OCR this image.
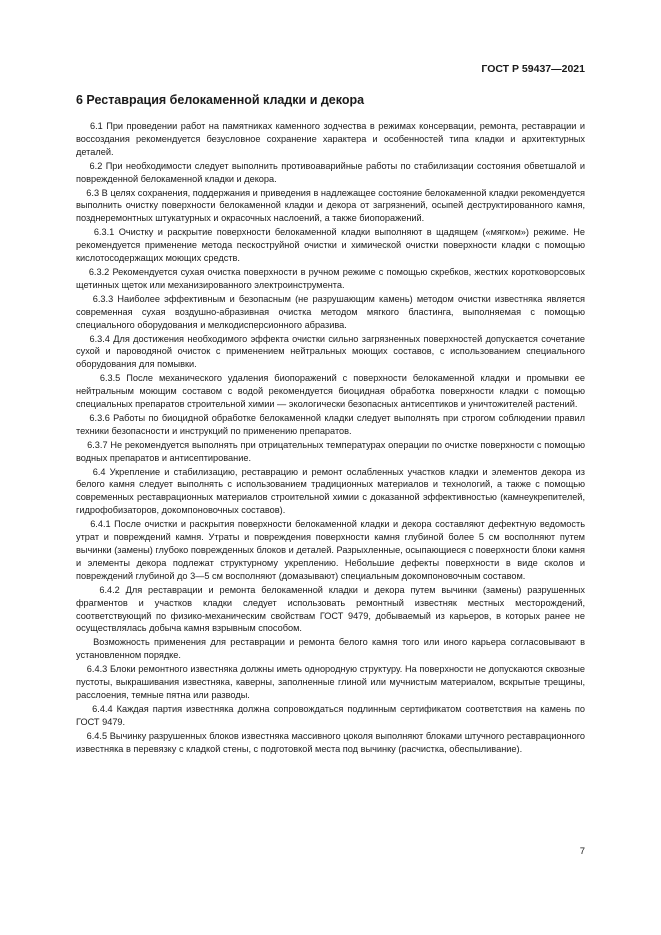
ГОСТ Р 59437—2021
6 Реставрация белокаменной кладки и декора

6.1 При проведении работ на памятниках каменного зодчества в режимах консервации, ремонта, реставрации и воссоздания рекомендуется безусловное сохранение характера и особенностей типа кладки и архитектурных деталей.

6.2 При необходимости следует выполнить противоаварийные работы по стабилизации состояния обветшалой и поврежденной белокаменной кладки и декора.

6.3 В целях сохранения, поддержания и приведения в надлежащее состояние белокаменной кладки рекомендуется выполнить очистку поверхности белокаменной кладки и декора от загрязнений, осыпей деструктированного камня, позднеремонтных штукатурных и окрасочных наслоений, а также биопоражений.

6.3.1 Очистку и раскрытие поверхности белокаменной кладки выполняют в щадящем («мягком») режиме. Не рекомендуется применение метода пескоструйной очистки и химической очистки поверхности кладки с помощью кислотосодержащих моющих средств.

6.3.2 Рекомендуется сухая очистка поверхности в ручном режиме с помощью скребков, жестких коротковорсовых щетинных щеток или механизированного электроинструмента.

6.3.3 Наиболее эффективным и безопасным (не разрушающим камень) методом очистки известняка является современная сухая воздушно-абразивная очистка методом мягкого бластинга, выполняемая с помощью специального оборудования и мелкодисперсионного абразива.

6.3.4 Для достижения необходимого эффекта очистки сильно загрязненных поверхностей допускается сочетание сухой и пароводяной очисток с применением нейтральных моющих составов, с использованием специального оборудования для помывки.

6.3.5 После механического удаления биопоражений с поверхности белокаменной кладки и промывки ее нейтральным моющим составом с водой рекомендуется биоцидная обработка поверхности кладки с помощью специальных препаратов строительной химии — экологически безопасных антисептиков и уничтожителей растений.

6.3.6 Работы по биоцидной обработке белокаменной кладки следует выполнять при строгом соблюдении правил техники безопасности и инструкций по применению препаратов.

6.3.7 Не рекомендуется выполнять при отрицательных температурах операции по очистке поверхности с помощью водных препаратов и антисептирование.

6.4 Укрепление и стабилизацию, реставрацию и ремонт ослабленных участков кладки и элементов декора из белого камня следует выполнять с использованием традиционных материалов и технологий, а также с помощью современных реставрационных материалов строительной химии с доказанной эффективностью (камнеукрепителей, гидрофобизаторов, докомпоновочных составов).

6.4.1 После очистки и раскрытия поверхности белокаменной кладки и декора составляют дефектную ведомость утрат и повреждений камня. Утраты и повреждения поверхности камня глубиной более 5 см восполняют путем вычинки (замены) глубоко поврежденных блоков и деталей. Разрыхленные, осыпающиеся с поверхности блоки камня и элементы декора подлежат структурному укреплению. Небольшие дефекты поверхности в виде сколов и повреждений глубиной до 3—5 см восполняют (домазывают) специальным докомпоновочным составом.

6.4.2 Для реставрации и ремонта белокаменной кладки и декора путем вычинки (замены) разрушенных фрагментов и участков кладки следует использовать ремонтный известняк местных месторождений, соответствующий по физико-механическим свойствам ГОСТ 9479, добываемый из карьеров, в которых ранее не осуществлялась добыча камня взрывным способом.

Возможность применения для реставрации и ремонта белого камня того или иного карьера согласовывают в установленном порядке.

6.4.3 Блоки ремонтного известняка должны иметь однородную структуру. На поверхности не допускаются сквозные пустоты, выкрашивания известняка, каверны, заполненные глиной или мучнистым материалом, вскрытые трещины, расслоения, темные пятна или разводы.

6.4.4 Каждая партия известняка должна сопровождаться подлинным сертификатом соответствия на камень по ГОСТ 9479.

6.4.5 Вычинку разрушенных блоков известняка массивного цоколя выполняют блоками штучного реставрационного известняка в перевязку с кладкой стены, с подготовкой места под вычинку (расчистка, обеспыливание).

7
